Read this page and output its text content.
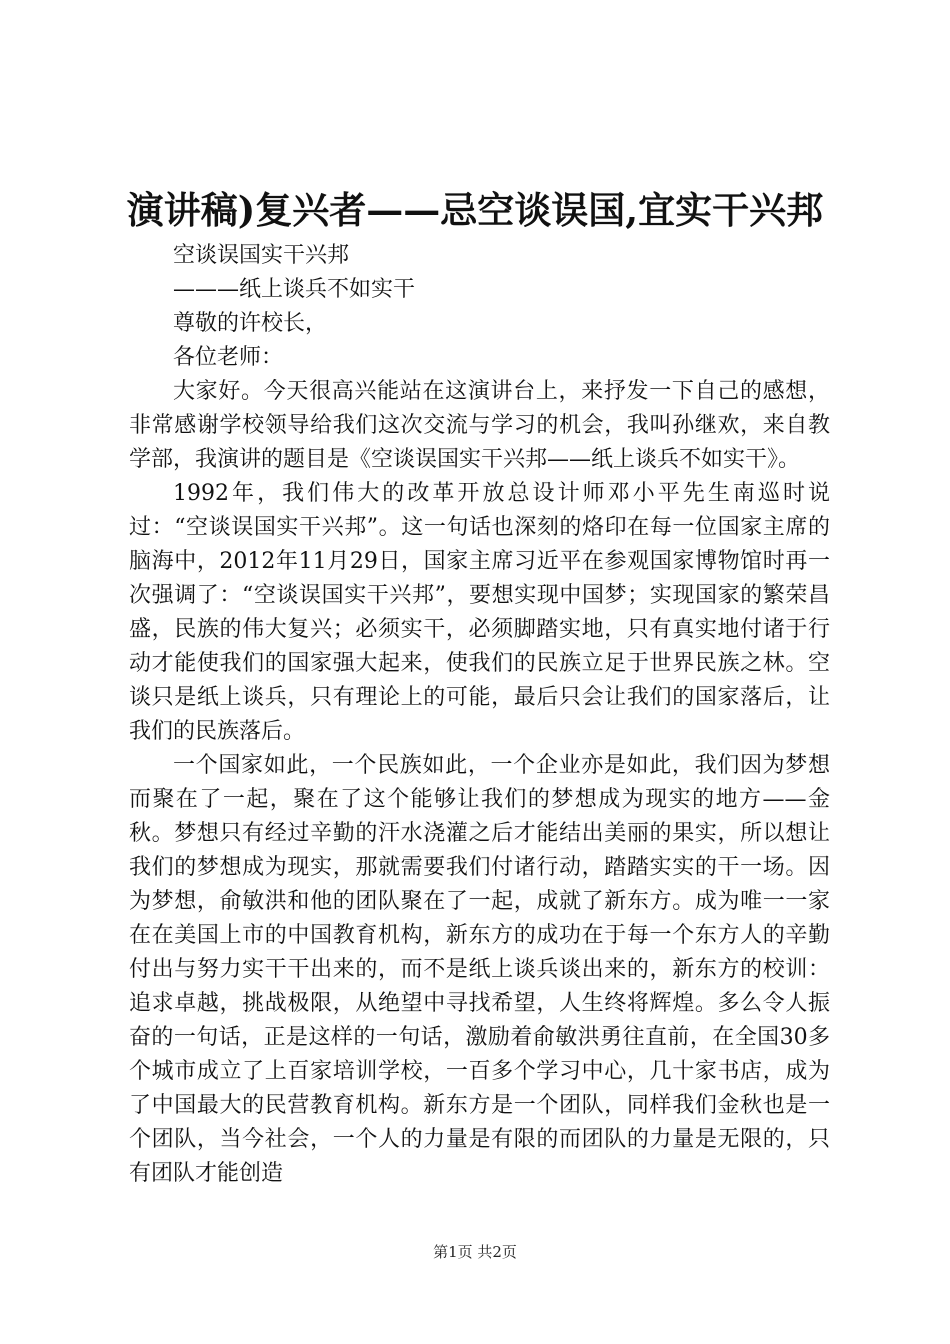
演讲稿)复兴者——忌空谈误国,宜实干兴邦
空谈误国实干兴邦
———纸上谈兵不如实干
尊敬的许校长，
各位老师：

大家好。今天很高兴能站在这演讲台上，来抒发一下自己的感想，非常感谢学校领导给我们这次交流与学习的机会，我叫孙继欢，来自教学部，我演讲的题目是《空谈误国实干兴邦——纸上谈兵不如实干》。

1992年，我们伟大的改革开放总设计师邓小平先生南巡时说过：“空谈误国实干兴邦”。这一句话也深刻的烙印在每一位国家主席的脑海中，2012年11月29日，国家主席习近平在参观国家博物馆时再一次强调了：“空谈误国实干兴邦”，要想实现中国梦；实现国家的繁荣昌盛，民族的伟大复兴；必须实干，必须脚踏实地，只有真实地付诸于行动才能使我们的国家强大起来，使我们的民族立足于世界民族之林。空谈只是纸上谈兵，只有理论上的可能，最后只会让我们的国家落后，让我们的民族落后。

一个国家如此，一个民族如此，一个企业亦是如此，我们因为梦想而聚在了一起，聚在了这个能够让我们的梦想成为现实的地方——金秋。梦想只有经过辛勤的汗水浇灌之后才能结出美丽的果实，所以想让我们的梦想成为现实，那就需要我们付诸行动，踏踏实实的干一场。因为梦想，俞敏洪和他的团队聚在了一起，成就了新东方。成为唯一一家在在美国上市的中国教育机构，新东方的成功在于每一个东方人的辛勤付出与努力实干干出来的，而不是纸上谈兵谈出来的，新东方的校训：追求卓越，挑战极限，从绝望中寻找希望，人生终将辉煌。多么令人振奋的一句话，正是这样的一句话，激励着俞敏洪勇往直前，在全国30多个城市成立了上百家培训学校，一百多个学习中心，几十家书店，成为了中国最大的民营教育机构。新东方是一个团队，同样我们金秋也是一个团队，当今社会，一个人的力量是有限的而团队的力量是无限的，只有团队才能创造

第1页 共2页
